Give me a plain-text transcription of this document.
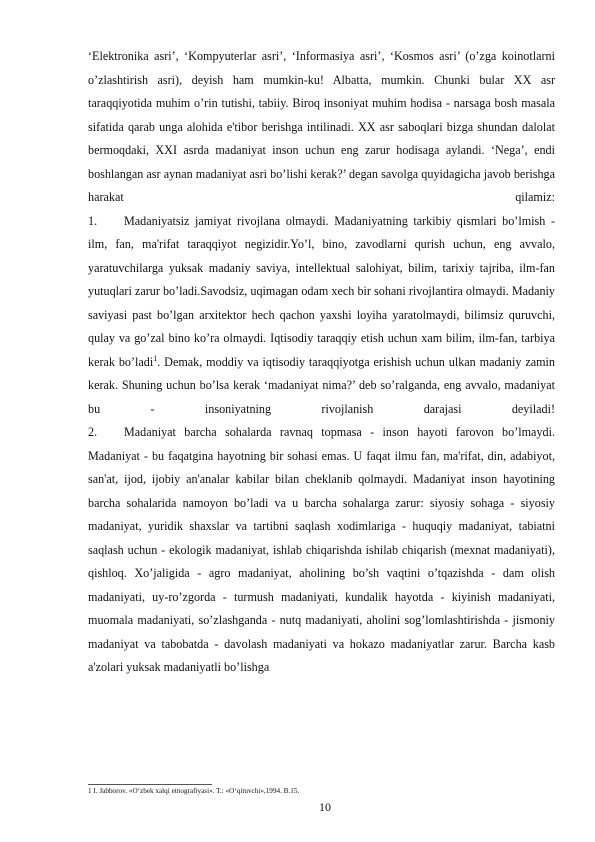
‘Elektronika asri’, ‘Kompyuterlar asri’, ‘Informasiya asri’, ‘Kosmos asri’ (o’zga koinotlarni o’zlashtirish asri), deyish ham mumkin-ku! Albatta, mumkin. Chunki bular XX asr taraqqiyotida muhim o’rin tutishi, tabiiy. Biroq insoniyat muhim hodisa - narsaga bosh masala sifatida qarab unga alohida e'tibor berishga intilinadi. XX asr saboqlari bizga shundan dalolat bermoqdaki, XXI asrda madaniyat inson uchun eng zarur hodisaga aylandi. ‘Nega’, endi boshlangan asr aynan madaniyat asri bo’lishi kerak?’ degan savolga quyidagicha javob berishga harakat qilamiz:

1. Madaniyatsiz jamiyat rivojlana olmaydi. Madaniyatning tarkibiy qismlari bo’lmish - ilm, fan, ma'rifat taraqqiyot negizidir.Yo’l, bino, zavodlarni qurish uchun, eng avvalo, yaratuvchilarga yuksak madaniy saviya, intellektual salohiyat, bilim, tarixiy tajriba, ilm-fan yutuqlari zarur bo’ladi.Savodsiz, uqimagan odam xech bir sohani rivojlantira olmaydi. Madaniy saviyasi past bo’lgan arxitektor hech qachon yaxshi loyiha yaratolmaydi, bilimsiz quruvchi, qulay va go’zal bino ko’ra olmaydi. Iqtisodiy taraqqiy etish uchun xam bilim, ilm-fan, tarbiya kerak bo’ladi$^1$. Demak, moddiy va iqtisodiy taraqqiyotga erishish uchun ulkan madaniy zamin kerak. Shuning uchun bo’lsa kerak ‘madaniyat nima?’ deb so’ralganda, eng avvalo, madaniyat bu - insoniyatning rivojlanish darajasi deyiladi!

2. Madaniyat barcha sohalarda ravnaq topmasa - inson hayoti farovon bo’lmaydi. Madaniyat - bu faqatgina hayotning bir sohasi emas. U faqat ilmu fan, ma'rifat, din, adabiyot, san'at, ijod, ijobiy an'analar kabilar bilan cheklanib qolmaydi. Madaniyat inson hayotining barcha sohalarida namoyon bo’ladi va u barcha sohalarga zarur: siyosiy sohaga - siyosiy madaniyat, yuridik shaxslar va tartibni saqlash xodimlariga - huquqiy madaniyat, tabiatni saqlash uchun - ekologik madaniyat, ishlab chiqarishda ishilab chiqarish (mexnat madaniyati), qishloq. Xo’jaligida - agro madaniyat, aholining bo’sh vaqtini o’tqazishda - dam olish madaniyati, uy-ro’zgorda - turmush madaniyati, kundalik hayotda - kiyinish madaniyati, muomala madaniyati, so’zlashganda - nutq madaniyati, aholini sog’lomlashtirishda - jismoniy madaniyat va tabobatda - davolash madaniyati va hokazo madaniyatlar zarur. Barcha kasb a'zolari yuksak madaniyatli bo’lishga

1 I. Jabborov. «O‘zbek xalqi etnografiyasi». T.: «O‘qituvchi»,1994. B.15.
10
